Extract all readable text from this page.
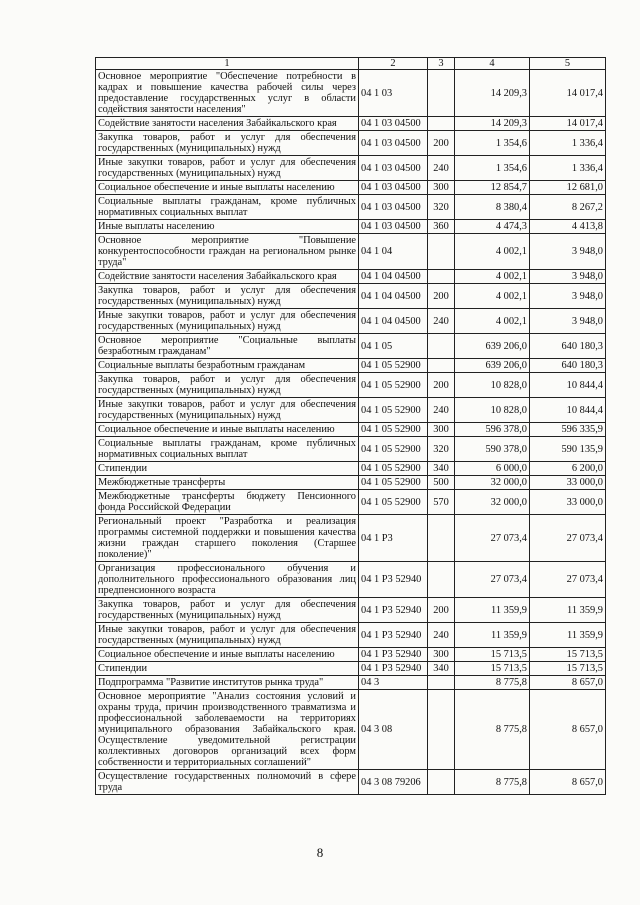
1	2	3	4	5
Основное мероприятие "Обеспечение потребности в кадрах и повышение качества рабочей силы через предоставление государственных услуг в области содействия занятости населения"	04 1 03		14 209,3	14 017,4
Содействие занятости населения Забайкальского края	04 1 03 04500		14 209,3	14 017,4
Закупка товаров, работ и услуг для обеспечения государственных (муниципальных) нужд	04 1 03 04500	200	1 354,6	1 336,4
Иные закупки товаров, работ и услуг для обеспечения государственных (муниципальных) нужд	04 1 03 04500	240	1 354,6	1 336,4
Социальное обеспечение и иные выплаты населению	04 1 03 04500	300	12 854,7	12 681,0
Социальные выплаты гражданам, кроме публичных нормативных социальных выплат	04 1 03 04500	320	8 380,4	8 267,2
Иные выплаты населению	04 1 03 04500	360	4 474,3	4 413,8
Основное мероприятие "Повышение конкурентоспособности граждан на региональном рынке труда"	04 1 04		4 002,1	3 948,0
Содействие занятости населения Забайкальского края	04 1 04 04500		4 002,1	3 948,0
Закупка товаров, работ и услуг для обеспечения государственных (муниципальных) нужд	04 1 04 04500	200	4 002,1	3 948,0
Иные закупки товаров, работ и услуг для обеспечения государственных (муниципальных) нужд	04 1 04 04500	240	4 002,1	3 948,0
Основное мероприятие "Социальные выплаты безработным гражданам"	04 1 05		639 206,0	640 180,3
Социальные выплаты безработным гражданам	04 1 05 52900		639 206,0	640 180,3
Закупка товаров, работ и услуг для обеспечения государственных (муниципальных) нужд	04 1 05 52900	200	10 828,0	10 844,4
Иные закупки товаров, работ и услуг для обеспечения государственных (муниципальных) нужд	04 1 05 52900	240	10 828,0	10 844,4
Социальное обеспечение и иные выплаты населению	04 1 05 52900	300	596 378,0	596 335,9
Социальные выплаты гражданам, кроме публичных нормативных социальных выплат	04 1 05 52900	320	590 378,0	590 135,9
Стипендии	04 1 05 52900	340	6 000,0	6 200,0
Межбюджетные трансферты	04 1 05 52900	500	32 000,0	33 000,0
Межбюджетные трансферты бюджету Пенсионного фонда Российской Федерации	04 1 05 52900	570	32 000,0	33 000,0
Региональный проект "Разработка и реализация программы системной поддержки и повышения качества жизни граждан старшего поколения (Старшее поколение)"	04 1 P3		27 073,4	27 073,4
Организация профессионального обучения и дополнительного профессионального образования лиц предпенсионного возраста	04 1 P3 52940		27 073,4	27 073,4
Закупка товаров, работ и услуг для обеспечения государственных (муниципальных) нужд	04 1 P3 52940	200	11 359,9	11 359,9
Иные закупки товаров, работ и услуг для обеспечения государственных (муниципальных) нужд	04 1 P3 52940	240	11 359,9	11 359,9
Социальное обеспечение и иные выплаты населению	04 1 P3 52940	300	15 713,5	15 713,5
Стипендии	04 1 P3 52940	340	15 713,5	15 713,5
Подпрограмма "Развитие институтов рынка труда"	04 3		8 775,8	8 657,0
Основное мероприятие "Анализ состояния условий и охраны труда, причин производственного травматизма и профессиональной заболеваемости на территориях муниципального образования Забайкальского края. Осуществление уведомительной регистрации коллективных договоров организаций всех форм собственности и территориальных соглашений"	04 3 08		8 775,8	8 657,0
Осуществление государственных полномочий в сфере труда	04 3 08 79206		8 775,8	8 657,0
8
